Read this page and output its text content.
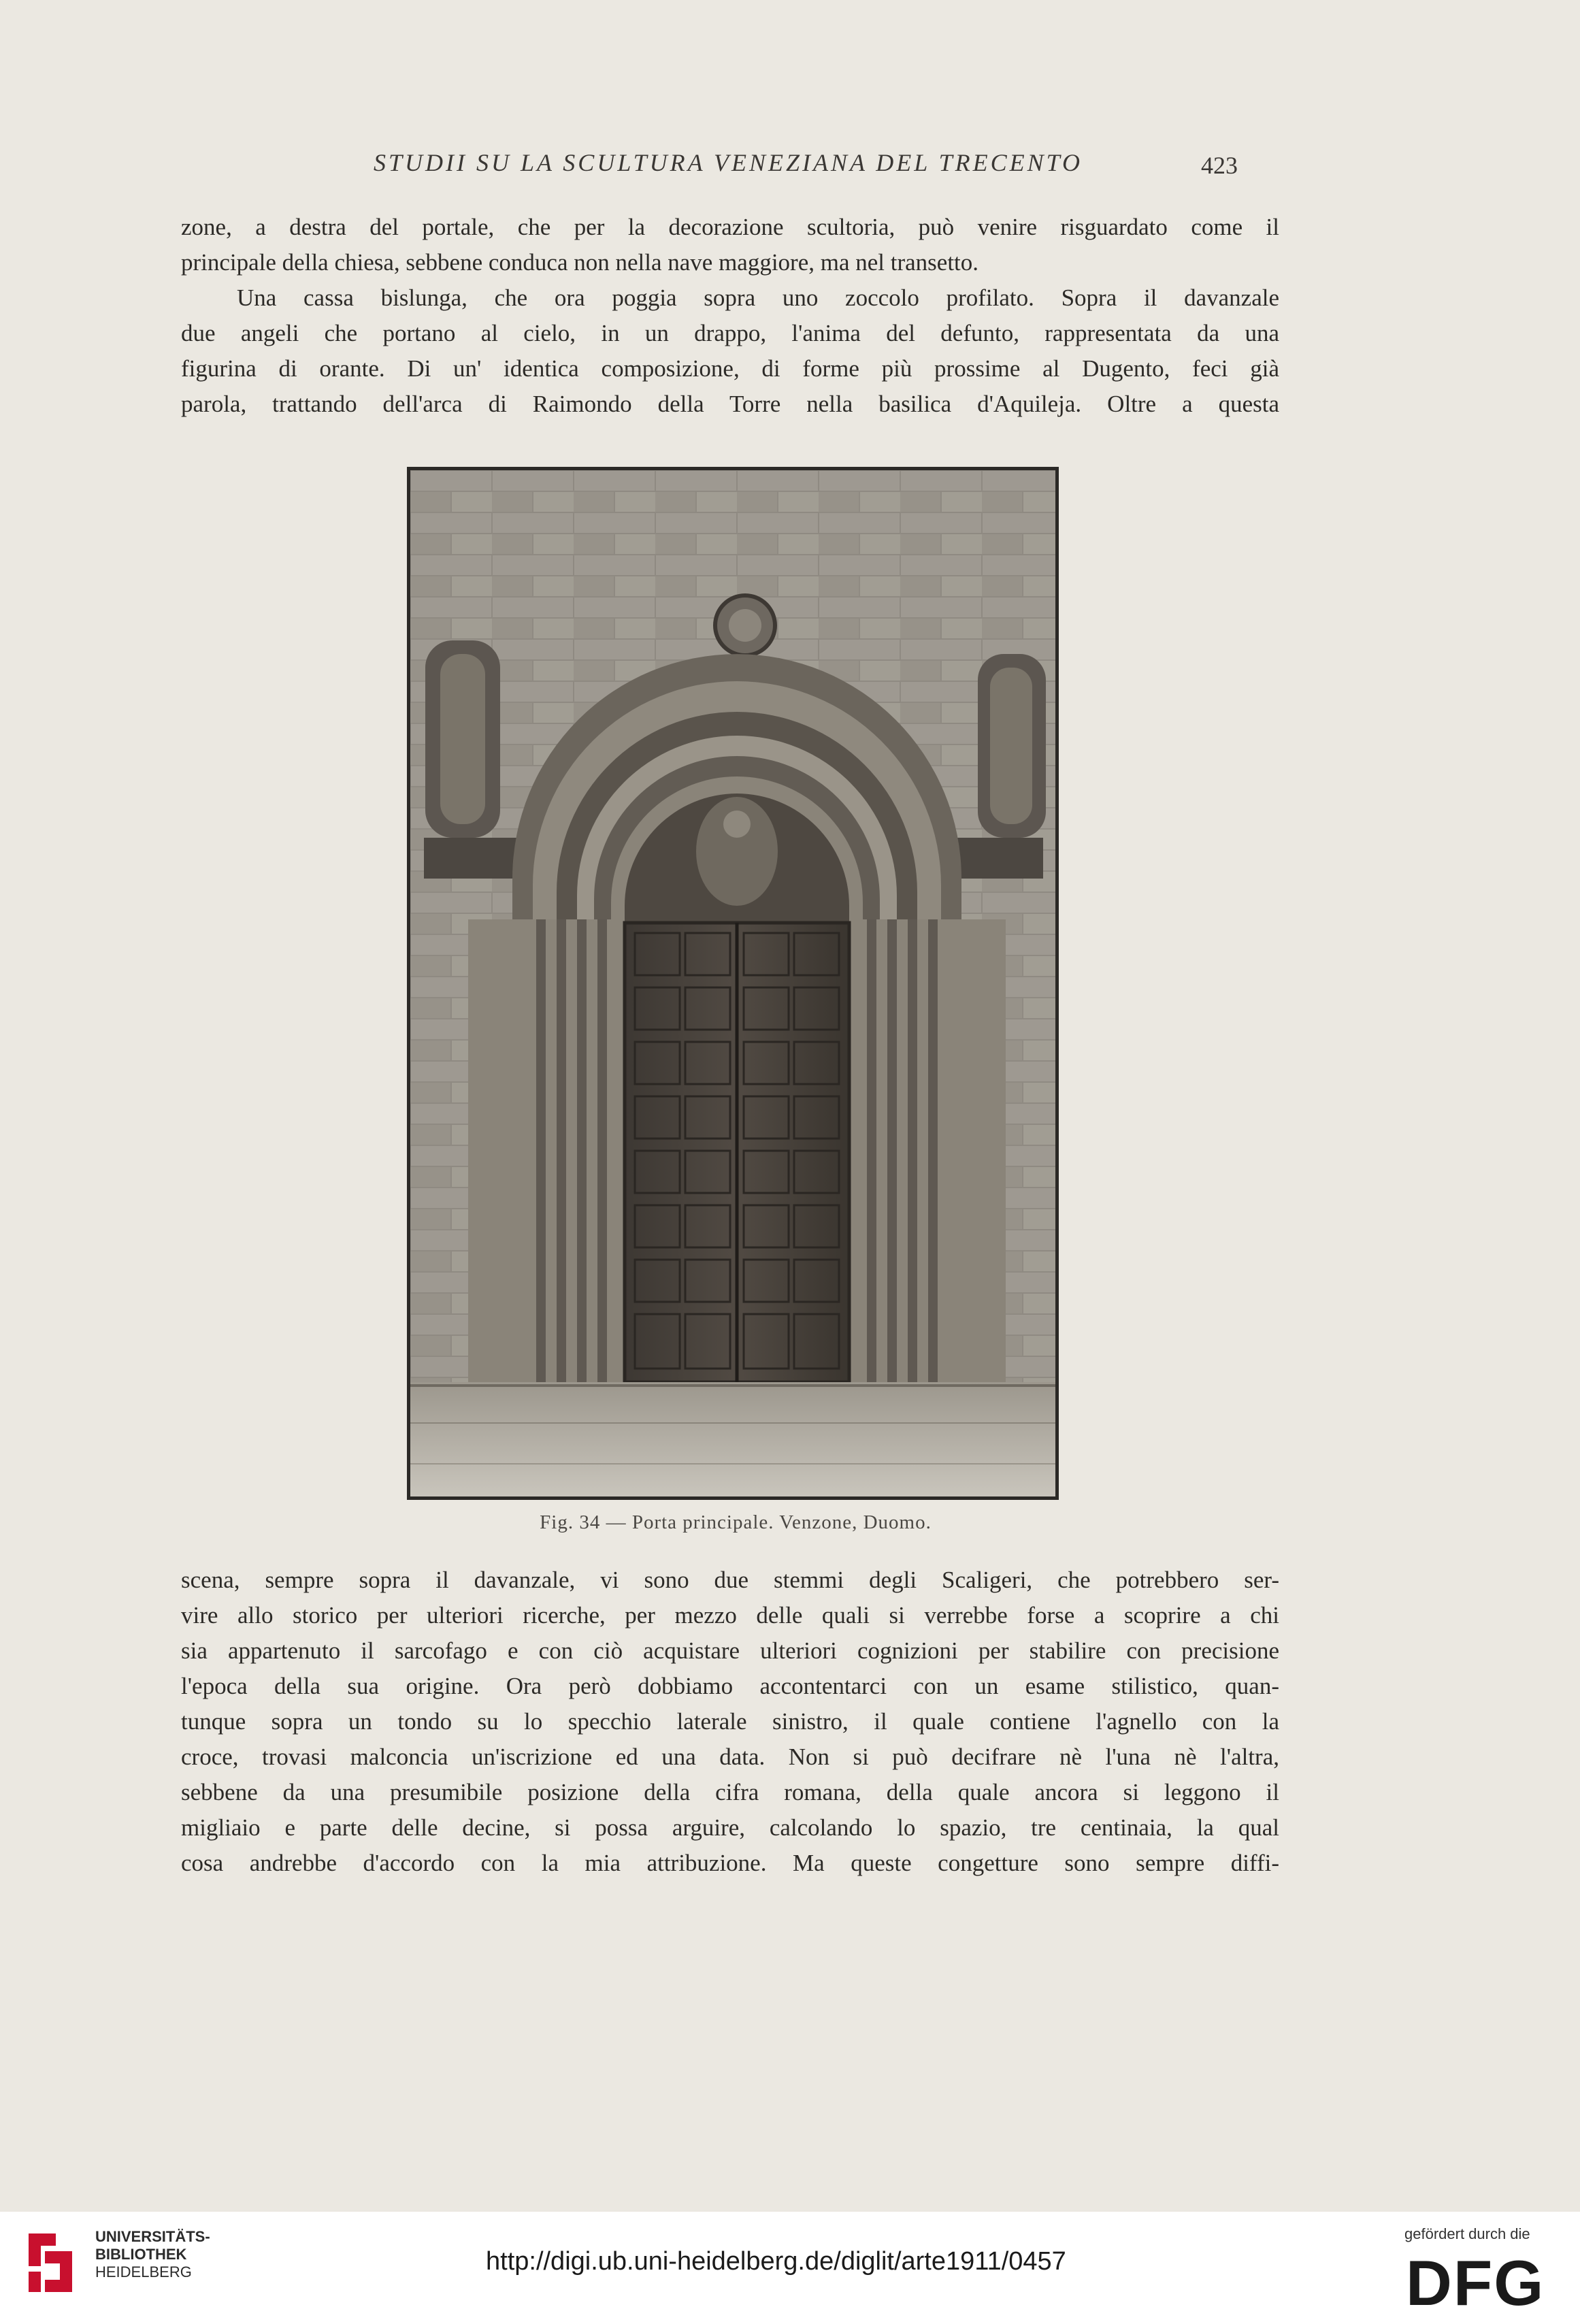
STUDII SU LA SCULTURA VENEZIANA DEL TRECENTO	423
zone, a destra del portale, che per la decorazione scultoria, può venire risguardato come il
principale della chiesa, sebbene conduca non nella nave maggiore, ma nel transetto.
Una cassa bislunga, che ora poggia sopra uno zoccolo profilato. Sopra il davanzale
due angeli che portano al cielo, in un drappo, l'anima del defunto, rappresentata da una
figurina di orante. Di un' identica composizione, di forme più prossime al Dugento, feci già
parola, trattando dell'arca di Raimondo della Torre nella basilica d'Aquileja. Oltre a questa
Fig. 34 — Porta principale. Venzone, Duomo.
scena, sempre sopra il davanzale, vi sono due stemmi degli Scaligeri, che potrebbero ser-
vire allo storico per ulteriori ricerche, per mezzo delle quali si verrebbe forse a scoprire a chi
sia appartenuto il sarcofago e con ciò acquistare ulteriori cognizioni per stabilire con precisione
l'epoca della sua origine. Ora però dobbiamo accontentarci con un esame stilistico, quan-
tunque sopra un tondo su lo specchio laterale sinistro, il quale contiene l'agnello con la
croce, trovasi malconcia un'iscrizione ed una data. Non si può decifrare nè l'una nè l'altra,
sebbene da una presumibile posizione della cifra romana, della quale ancora si leggono il
migliaio e parte delle decine, si possa arguire, calcolando lo spazio, tre centinaia, la qual
cosa andrebbe d'accordo con la mia attribuzione. Ma queste congetture sono sempre diffi-
UNIVERSITÄTS-
BIBLIOTHEK
HEIDELBERG	http://digi.ub.uni-heidelberg.de/diglit/arte1911/0457
gefördert durch die
DFG
